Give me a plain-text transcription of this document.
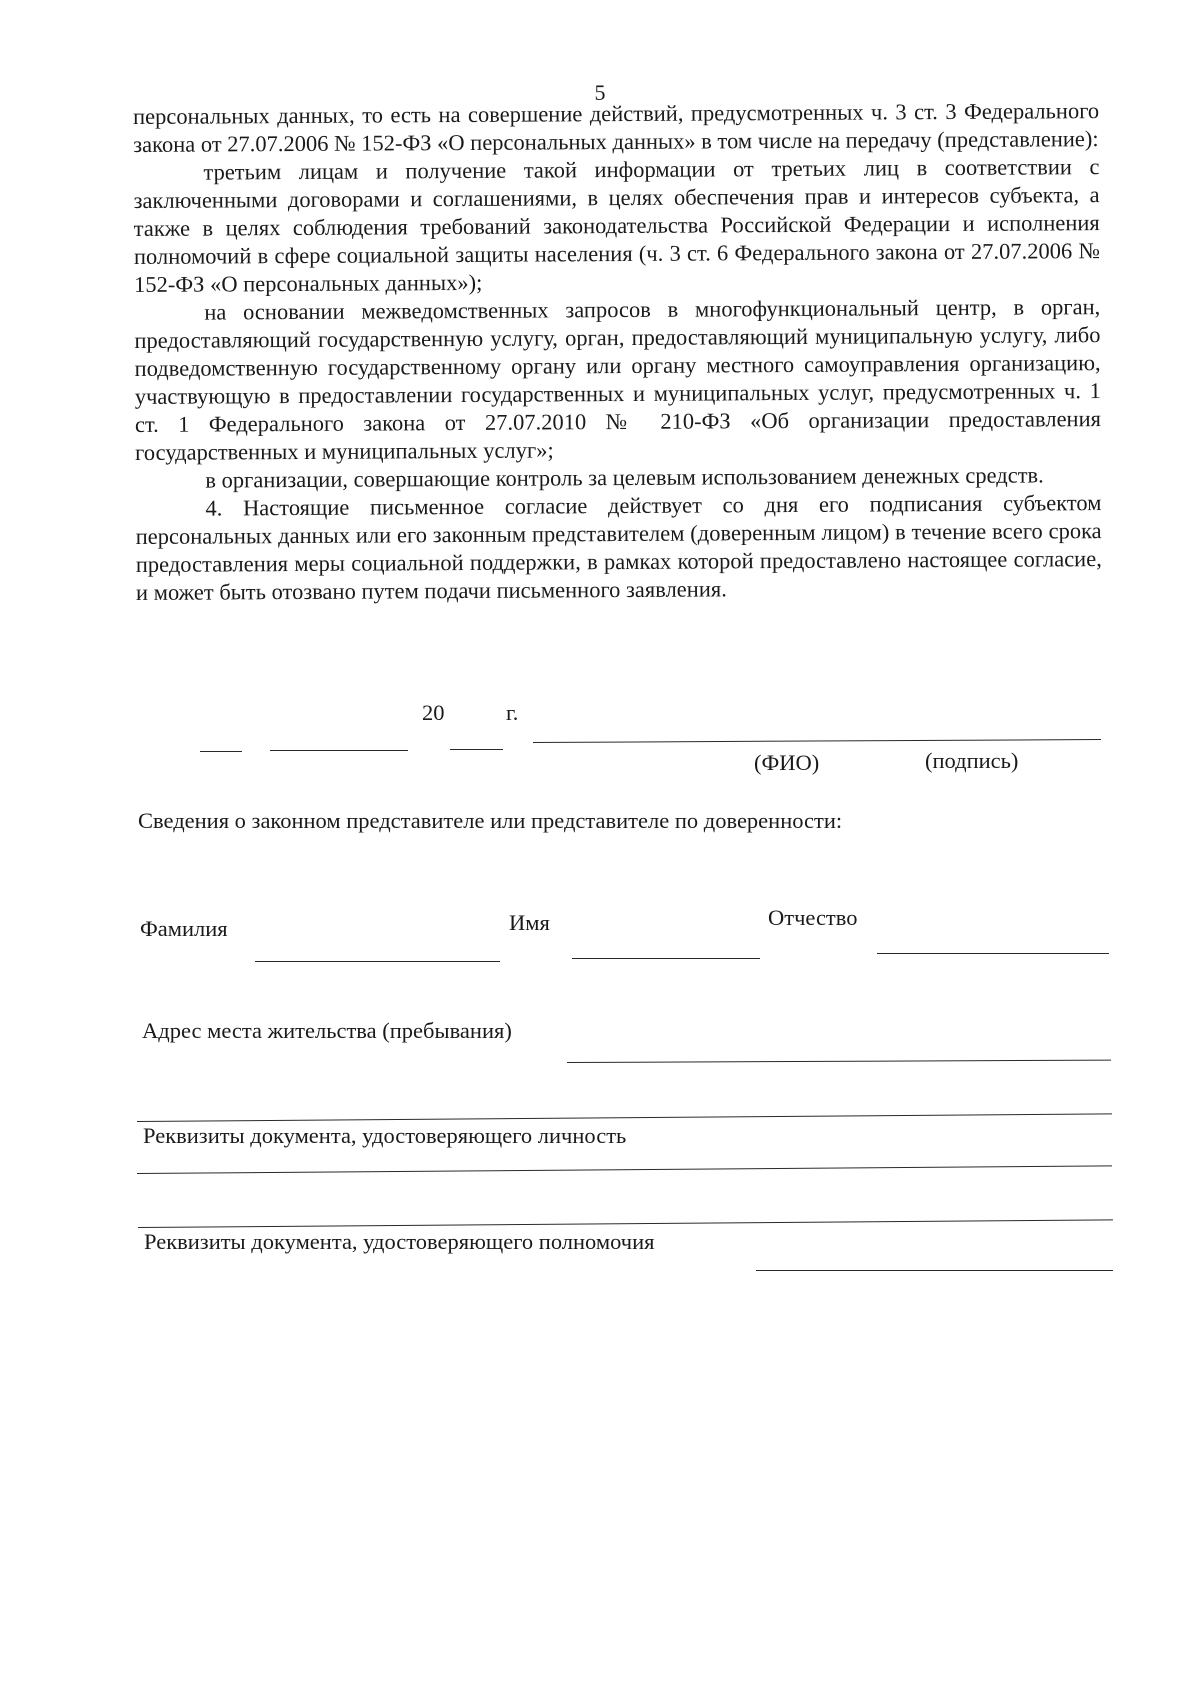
5

персональных данных, то есть на совершение действий, предусмотренных ч. 3 ст. 3 Федерального закона от 27.07.2006 № 152-ФЗ «О персональных данных» в том числе на передачу (представление):

третьим лицам и получение такой информации от третьих лиц в соответствии с заключенными договорами и соглашениями, в целях обеспечения прав и интересов субъекта, а также в целях соблюдения требований законодательства Российской Федерации и исполнения полномочий в сфере социальной защиты населения (ч. 3 ст. 6 Федерального закона от 27.07.2006 № 152-ФЗ «О персональных данных»);

на основании межведомственных запросов в многофункциональный центр, в орган, предоставляющий государственную услугу, орган, предоставляющий муниципальную услугу, либо подведомственную государственному органу или органу местного самоуправления организацию, участвующую в предоставлении государственных и муниципальных услуг, предусмотренных ч. 1 ст. 1 Федерального закона от 27.07.2010 № 210-ФЗ «Об организации предоставления государственных и муниципальных услуг»;

в организации, совершающие контроль за целевым использованием денежных средств.

4. Настоящие письменное согласие действует со дня его подписания субъектом персональных данных или его законным представителем (доверенным лицом) в течение всего срока предоставления меры социальной поддержки, в рамках которой предоставлено настоящее согласие, и может быть отозвано путем подачи письменного заявления.

20	г.
(ФИО)	(подпись)
Сведения о законном представителе или представителе по доверенности:
Фамилия	Имя	Отчество
Адрес места жительства (пребывания)
Реквизиты документа, удостоверяющего личность
Реквизиты документа, удостоверяющего полномочия
